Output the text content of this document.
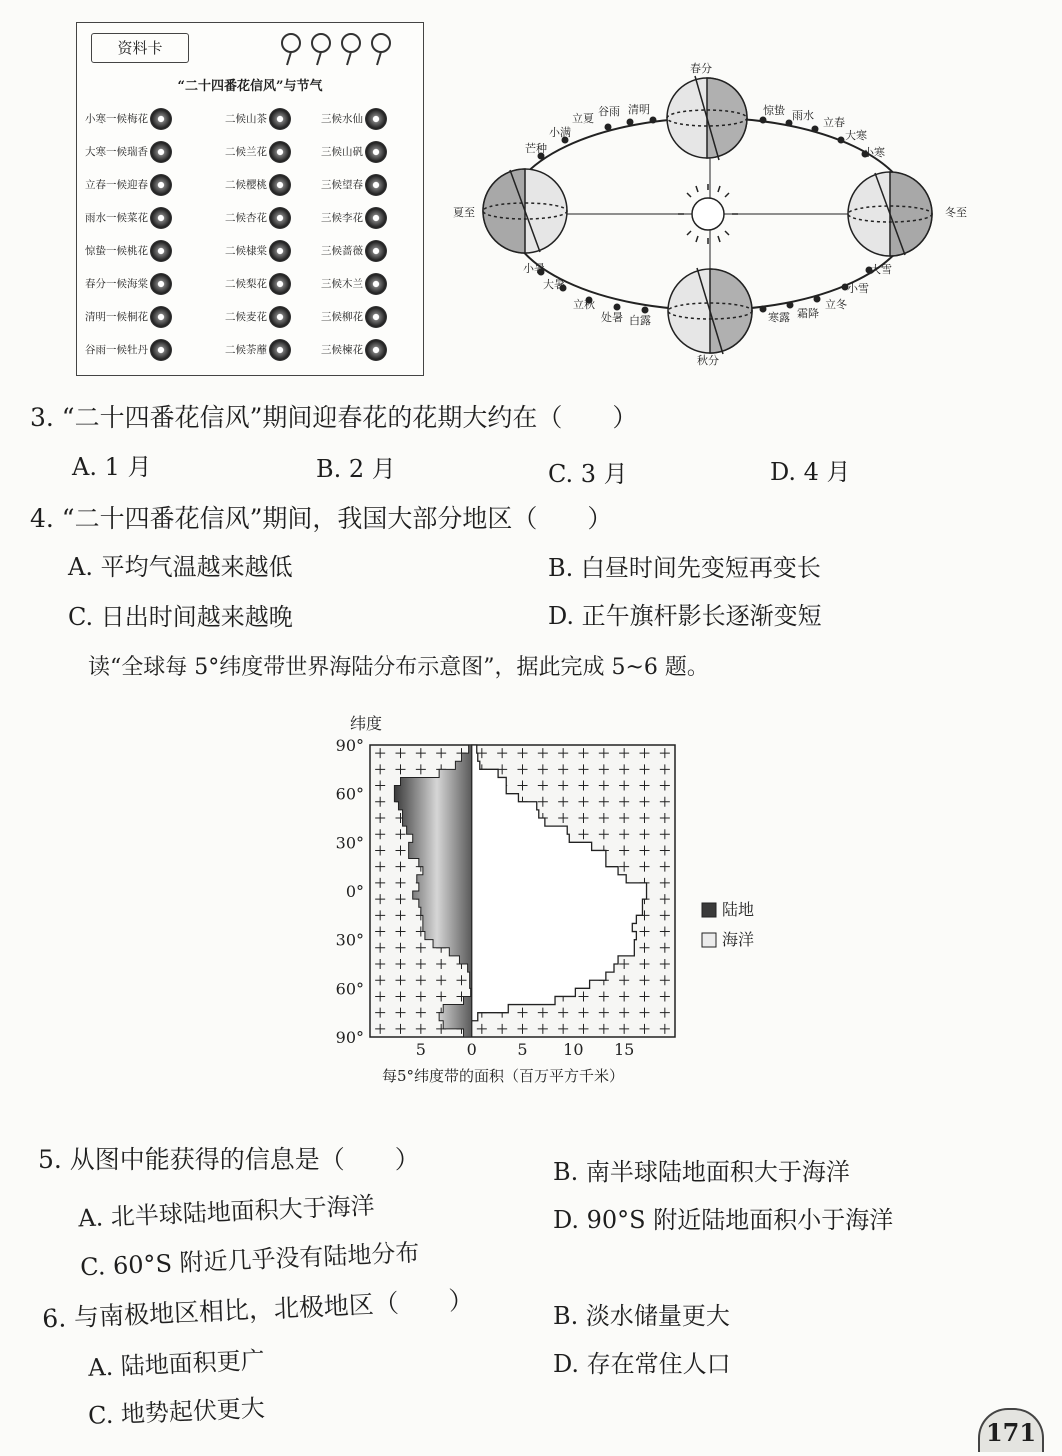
资料卡
“二十四番花信风”与节气
小寒一候梅花	二候山茶	三候水仙
大寒一候瑞香	二候兰花	三候山矾
立春一候迎春	二候樱桃	三候望春
雨水一候菜花	二候杏花	三候李花
惊蛰一候桃花	二候棣棠	三候蔷薇
春分一候海棠	二候梨花	三候木兰
清明一候桐花	二候麦花	三候柳花
谷雨一候牡丹	二候荼蘼	三候楝花
春分
夏至
秋分
冬至
立夏
谷雨 清明
小满
芒种
惊蛰 雨水
立春
大寒
小寒
小暑
大暑
立秋
处暑 白露	寒露 霜降
立冬
小雪
大雪
3. “二十四番花信风”期间迎春花的花期大约在（　　）
A. 1 月	B. 2 月	C. 3 月	D. 4 月
4. “二十四番花信风”期间，我国大部分地区（　　）
A. 平均气温越来越低	B. 白昼时间先变短再变长
C. 日出时间越来越晚	D. 正午旗杆影长逐渐变短
读“全球每 5°纬度带世界海陆分布示意图”，据此完成 5~6 题。
90°
60°
30°
0°
30°
60°
90°
5	0	5 10 15
纬度
每5°纬度带的面积（百万平方千米）
陆地
海洋
5. 从图中能获得的信息是（　　）
A. 北半球陆地面积大于海洋
B. 南半球陆地面积大于海洋
C. 60°S 附近几乎没有陆地分布
D. 90°S 附近陆地面积小于海洋
6. 与南极地区相比，北极地区（　　）
A. 陆地面积更广
B. 淡水储量更大
C. 地势起伏更大
D. 存在常住人口
171
